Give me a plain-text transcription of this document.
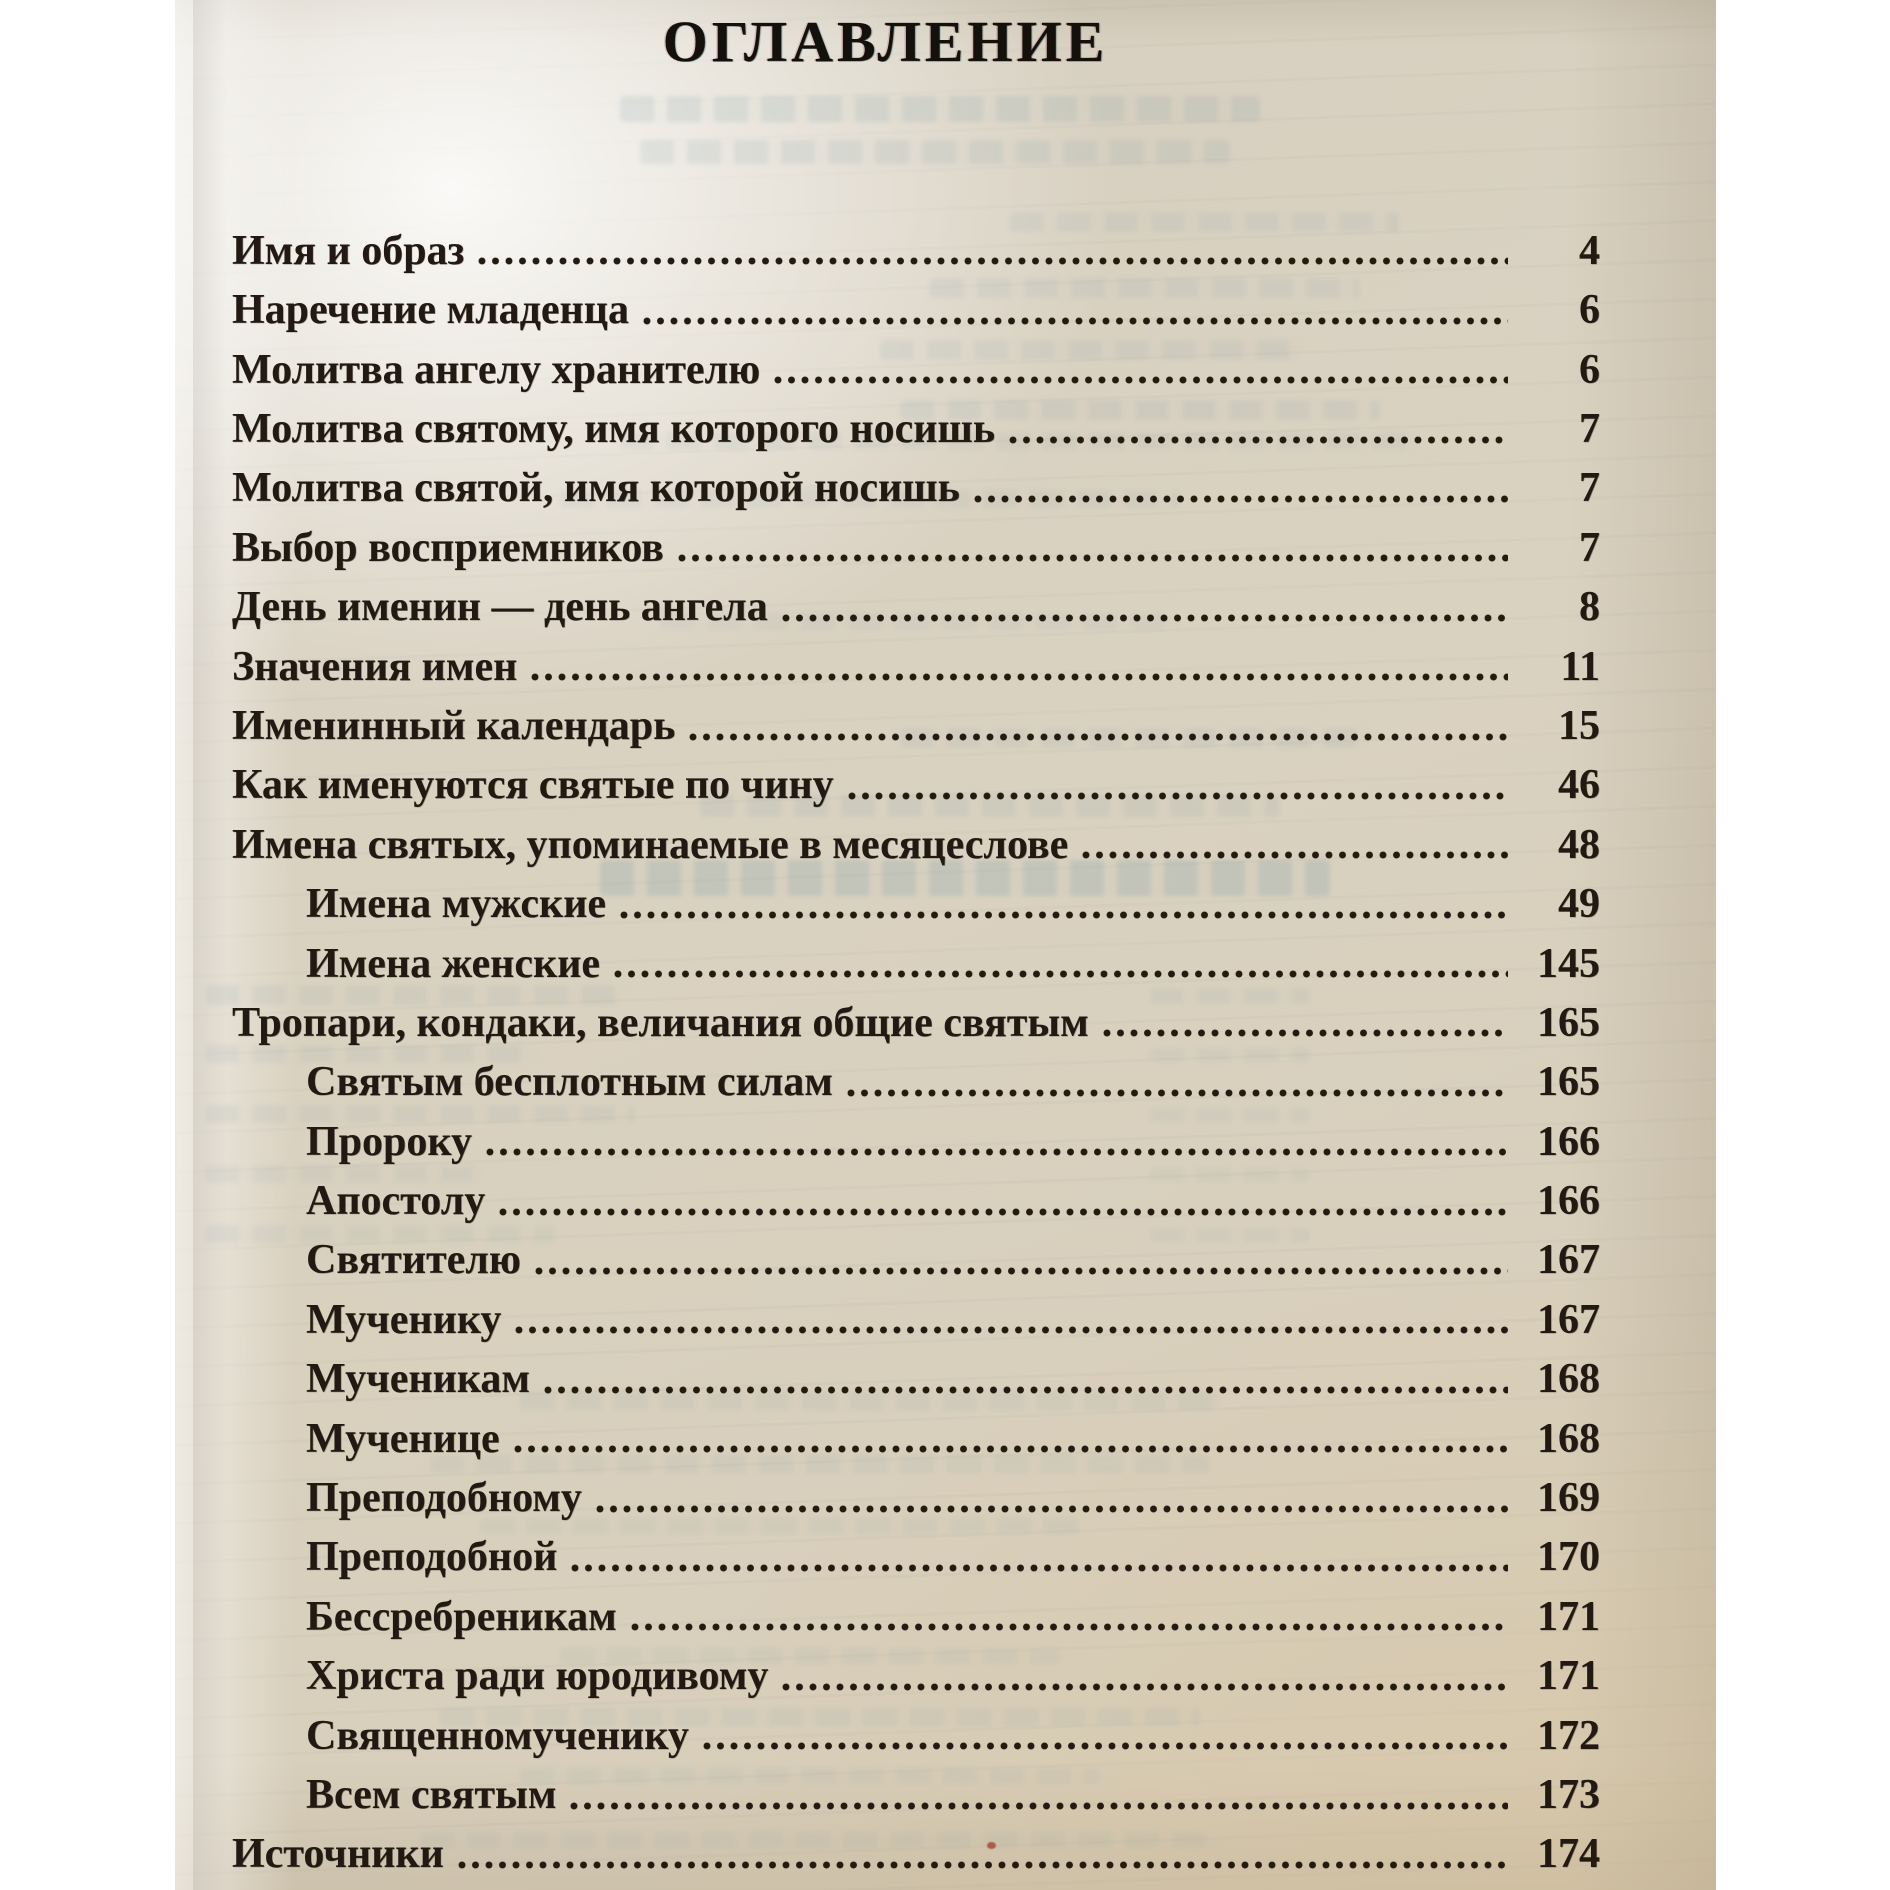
ОГЛАВЛЕНИЕ
Имя и образ	4
Наречение младенца	6
Молитва ангелу хранителю	6
Молитва святому, имя которого носишь	7
Молитва святой, имя которой носишь	7
Выбор восприемников	7
День именин — день ангела	8
Значения имен	11
Именинный календарь	15
Как именуются святые по чину	46
Имена святых, упоминаемые в месяцеслове	48
Имена мужские	49
Имена женские	145
Тропари, кондаки, величания общие святым	165
Святым бесплотным силам	165
Пророку	166
Апостолу	166
Святителю	167
Мученику	167
Мученикам	168
Мученице	168
Преподобному	169
Преподобной	170
Бессребреникам	171
Христа ради юродивому	171
Священномученику	172
Всем святым	173
Источники	174
